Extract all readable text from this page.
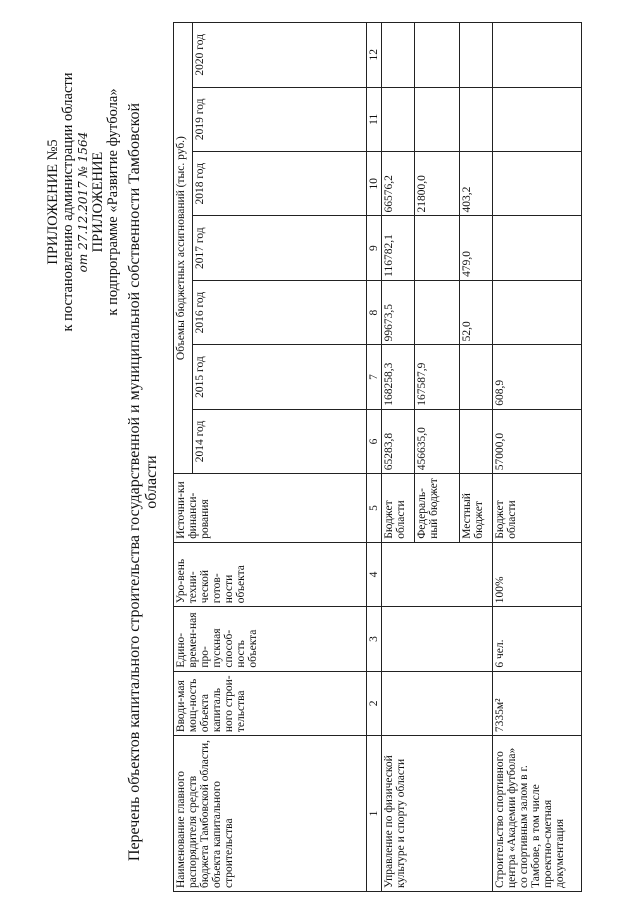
ПРИЛОЖЕНИЕ №5 к постановлению администрации области от 27.12.2017 № 1564 ПРИЛОЖЕНИЕ к подпрограмме «Развитие футбола» Перечень объектов капитального строительства государственной и муниципальной собственности Тамбовской области
Наименование главного распорядителя средств бюджета Тамбовской области, объекта капитального строительства	Вводи-мая мощ-ность объекта капиталь ного строи-тельства	Едино-времен-ная про-пускная способ-ность объекта	Уро-вень техни-ческой готов-ности объекта	Источни-ки финанси-рования	Объемы бюджетных ассигнований (тыс. руб.)						
					2014 год	2015 год	2016 год	2017 год	2018 год	2019 год	2020 год
1	2	3	4	5	6	7	8	9	10	11	12
Управление по физической культуре и спорту области				Бюджет области	65283,8	168258,3	99673,5	116782,1	66576,2		
				Федераль-ный бюджет	456635,0	167587,9			21800,0		
				Местный бюджет			52,0	479,0	403,2		
Строительство спортивного центра «Академии футбола» со спортивным залом в г. Тамбове, в том числе проектно-сметная документация	7335м²	6 чел.	100%	Бюджет области	57000,0	608,9					
